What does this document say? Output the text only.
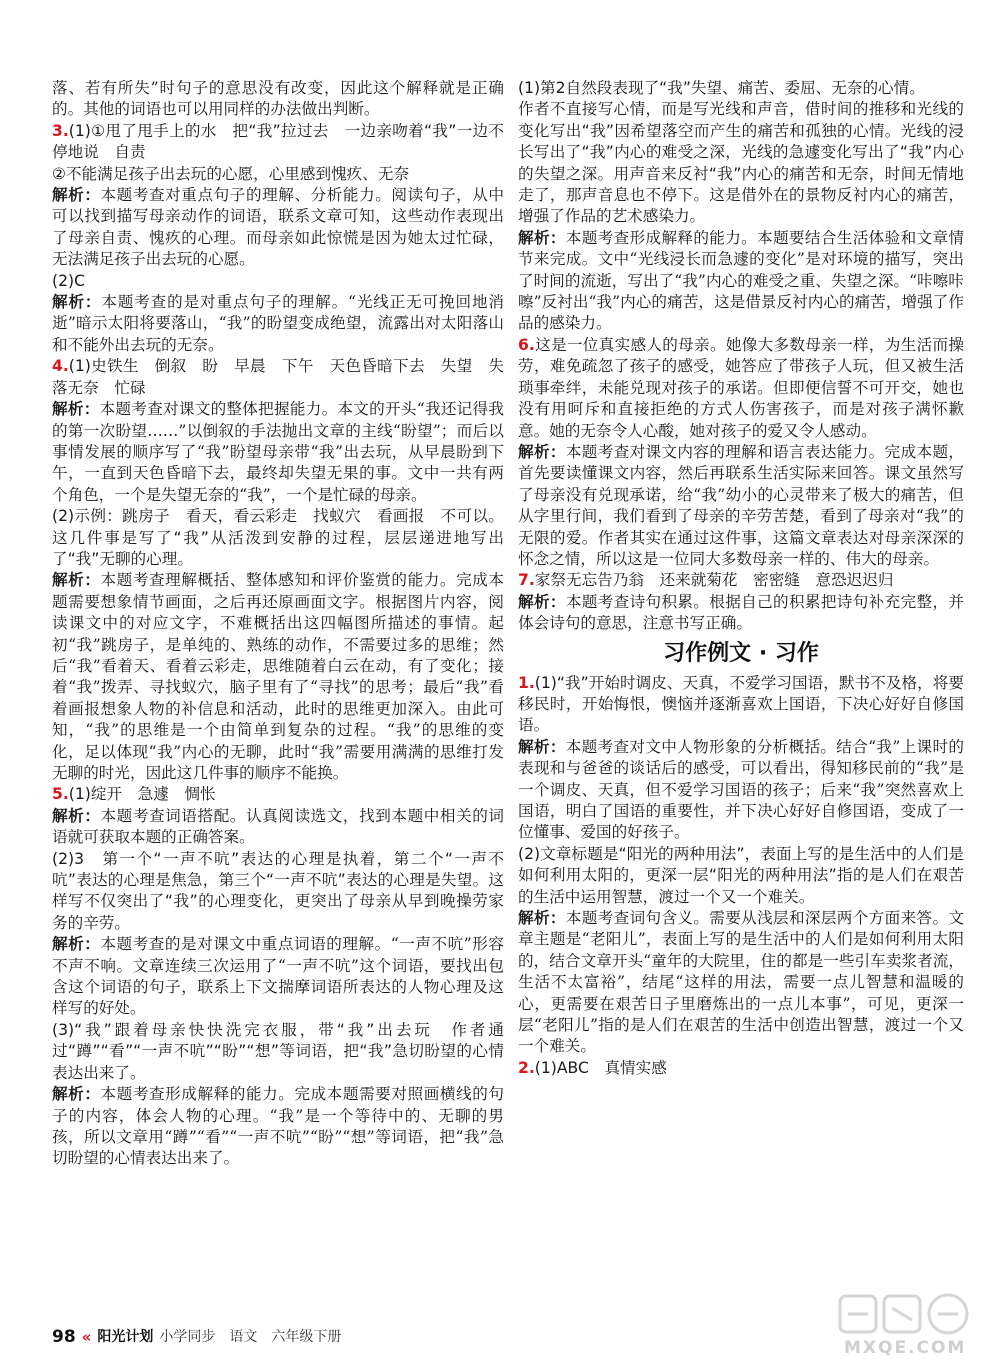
落、若有所失”时句子的意思没有改变，因此这个解释就是正确的。其他的词语也可以用同样的办法做出判断。

3.(1)①甩了甩手上的水　把“我”拉过去　一边亲吻着“我”一边不停地说　自责

②不能满足孩子出去玩的心愿，心里感到愧疚、无奈

解析：本题考查对重点句子的理解、分析能力。阅读句子，从中可以找到描写母亲动作的词语，联系文章可知，这些动作表现出了母亲自责、愧疚的心理。而母亲如此惊慌是因为她太过忙碌，无法满足孩子出去玩的心愿。

(2)C

解析：本题考查的是对重点句子的理解。“光线正无可挽回地消逝”暗示太阳将要落山，“我”的盼望变成绝望，流露出对太阳落山和不能外出去玩的无奈。

4.(1)史铁生　倒叙　盼　早晨　下午　天色昏暗下去　失望　失落无奈　忙碌

解析：本题考查对课文的整体把握能力。本文的开头“我还记得我的第一次盼望……”以倒叙的手法抛出文章的主线“盼望”；而后以事情发展的顺序写了“我”盼望母亲带“我”出去玩，从早晨盼到下午，一直到天色昏暗下去，最终却失望无果的事。文中一共有两个角色，一个是失望无奈的“我”，一个是忙碌的母亲。

(2)示例：跳房子　看天，看云彩走　找蚁穴　看画报　不可以。这几件事是写了“我”从活泼到安静的过程，层层递进地写出了“我”无聊的心理。

解析：本题考查理解概括、整体感知和评价鉴赏的能力。完成本题需要想象情节画面，之后再还原画面文字。根据图片内容，阅读课文中的对应文字，不难概括出这四幅图所描述的事情。起初“我”跳房子，是单纯的、熟练的动作，不需要过多的思维；然后“我”看着天、看着云彩走，思维随着白云在动，有了变化；接着“我”拨弄、寻找蚁穴，脑子里有了“寻找”的思考；最后“我”看着画报想象人物的补信息和活动，此时的思维更加深入。由此可知，“我”的思维是一个由简单到复杂的过程。“我”的思维的变化，足以体现“我”内心的无聊，此时“我”需要用满满的思维打发无聊的时光，因此这几件事的顺序不能换。

5.(1)绽开　急遽　惆怅

解析：本题考查词语搭配。认真阅读选文，找到本题中相关的词语就可获取本题的正确答案。

(2)3　第一个“一声不吭”表达的心理是执着，第二个“一声不吭”表达的心理是焦急，第三个“一声不吭”表达的心理是失望。这样写不仅突出了“我”的心理变化，更突出了母亲从早到晚操劳家务的辛劳。

解析：本题考查的是对课文中重点词语的理解。“一声不吭”形容不声不响。文章连续三次运用了“一声不吭”这个词语，要找出包含这个词语的句子，联系上下文揣摩词语所表达的人物心理及这样写的好处。

(3)“我”跟着母亲快快洗完衣服，带“我”出去玩　作者通过“蹲”“看”“一声不吭”“盼”“想”等词语，把“我”急切盼望的心情表达出来了。

解析：本题考查形成解释的能力。完成本题需要对照画横线的句子的内容，体会人物的心理。“我”是一个等待中的、无聊的男孩，所以文章用“蹲”“看”“一声不吭”“盼”“想”等词语，把“我”急切盼望的心情表达出来了。

(1)第2自然段表现了“我”失望、痛苦、委屈、无奈的心情。

作者不直接写心情，而是写光线和声音，借时间的推移和光线的变化写出“我”因希望落空而产生的痛苦和孤独的心情。光线的浸长写出了“我”内心的难受之深，光线的急遽变化写出了“我”内心的失望之深。用声音来反衬“我”内心的痛苦和无奈，时间无情地走了，那声音息也不停下。这是借外在的景物反衬内心的痛苦，增强了作品的艺术感染力。

解析：本题考查形成解释的能力。本题要结合生活体验和文章情节来完成。文中“光线浸长而急遽的变化”是对环境的描写，突出了时间的流逝，写出了“我”内心的难受之重、失望之深。“咔嚓咔嚓”反衬出“我”内心的痛苦，这是借景反衬内心的痛苦，增强了作品的感染力。

6.这是一位真实感人的母亲。她像大多数母亲一样，为生活而操劳，难免疏忽了孩子的感受，她答应了带孩子人玩，但又被生活琐事牵绊，未能兑现对孩子的承诺。但即便信誓不可开交，她也没有用呵斥和直接拒绝的方式人伤害孩子，而是对孩子满怀歉意。她的无奈令人心酸，她对孩子的爱又令人感动。

解析：本题考查对课文内容的理解和语言表达能力。完成本题，首先要读懂课文内容，然后再联系生活实际来回答。课文虽然写了母亲没有兑现承诺，给“我”幼小的心灵带来了极大的痛苦，但从字里行间，我们看到了母亲的辛劳苦楚，看到了母亲对“我”的无限的爱。作者其实在通过这件事，这篇文章表达对母亲深深的怀念之情，所以这是一位同大多数母亲一样的、伟大的母亲。

7.家祭无忘告乃翁　还来就菊花　密密缝　意恐迟迟归

解析：本题考查诗句积累。根据自己的积累把诗句补充完整，并体会诗句的意思，注意书写正确。

习作例文 · 习作

1.(1)“我”开始时调皮、天真，不爱学习国语，默书不及格，将要移民时，开始悔恨，懊恼并逐渐喜欢上国语，下决心好好自修国语。

解析：本题考查对文中人物形象的分析概括。结合“我”上课时的表现和与爸爸的谈话后的感受，可以看出，得知移民前的“我”是一个调皮、天真，但不爱学习国语的孩子；后来“我”突然喜欢上国语，明白了国语的重要性，并下决心好好自修国语，变成了一位懂事、爱国的好孩子。

(2)文章标题是“阳光的两种用法”，表面上写的是生活中的人们是如何利用太阳的，更深一层“阳光的两种用法”指的是人们在艰苦的生活中运用智慧，渡过一个又一个难关。

解析：本题考查词句含义。需要从浅层和深层两个方面来答。文章主题是“老阳儿”，表面上写的是生活中的人们是如何利用太阳的，结合文章开头“童年的大院里，住的都是一些引车卖浆者流，生活不太富裕”，结尾“这样的用法，需要一点儿智慧和温暖的心，更需要在艰苦日子里磨炼出的一点儿本事”，可见，更深一层“老阳儿”指的是人们在艰苦的生活中创造出智慧，渡过一个又一个难关。

2.(1)ABC　真情实感

98 « 阳光计划 小学同步　语文　六年级下册
MXQE.COM
